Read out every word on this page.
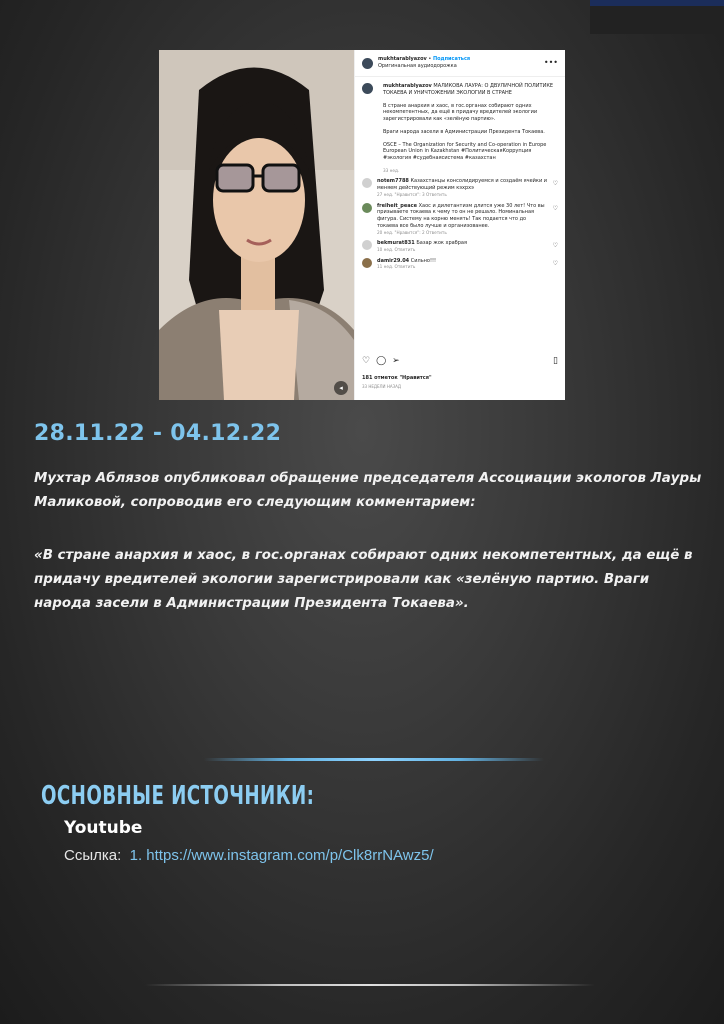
◂
mukhtarablyazov • Подписаться
Оригинальная аудиодорожка	•••

mukhtarablyazov МАЛИКОВА ЛАУРА: О ДВУЛИЧНОЙ ПОЛИТИКЕ ТОКАЕВА И УНИЧТОЖЕНИИ ЭКОЛОГИИ В СТРАНЕ

В стране анархия и хаос, в гос.органах собирают одних некомпетентных, да ещё в придачу вредителей экологии зарегистрировали как «зелёную партию».

Враги народа засели в Администрации Президента Токаева.

OSCE – The Organization for Security and Co-operation in Europe European Union in Kazakhstan #ПолитическаяКоррупция #экология #судебнаясистема #казахстан

33 нед.
notem7788 Казахстанцы консолидируемся и создаём ячейки и меняем действующий режим кэхрхэ
27 нед. "Нравится": 3 Ответить
♡
freiheit_peace Хаос и дилетантизм длится уже 30 лет! Что вы призываете токаева к чему то он не решало. Номинальная фигура. Систему на корню менять! Так подается что до токаева все было лучше и организованее.
20 нед. "Нравится": 2 Ответить
♡
bekmurat831 Базар жок храбрая
10 нед. Ответить
♡
damir29.04 Сильно!!!
11 нед. Ответить
♡
♡ ◯ ➢	▯
181 отметок "Нравится"
33 НЕДЕЛИ НАЗАД
28.11.22 - 04.12.22
Мухтар Аблязов опубликовал обращение председателя Ассоциации экологов Лауры Маликовой, сопроводив его следующим комментарием:
«В стране анархия и хаос, в гос.органах собирают одних некомпетентных, да ещё в придачу вредителей экологии зарегистрировали как «зелёную партию. Враги народа засели в Администрации Президента Токаева».
ОСНОВНЫЕ ИСТОЧНИКИ:
Youtube
Ссылка: 1. https://www.instagram.com/p/Clk8rrNAwz5/
